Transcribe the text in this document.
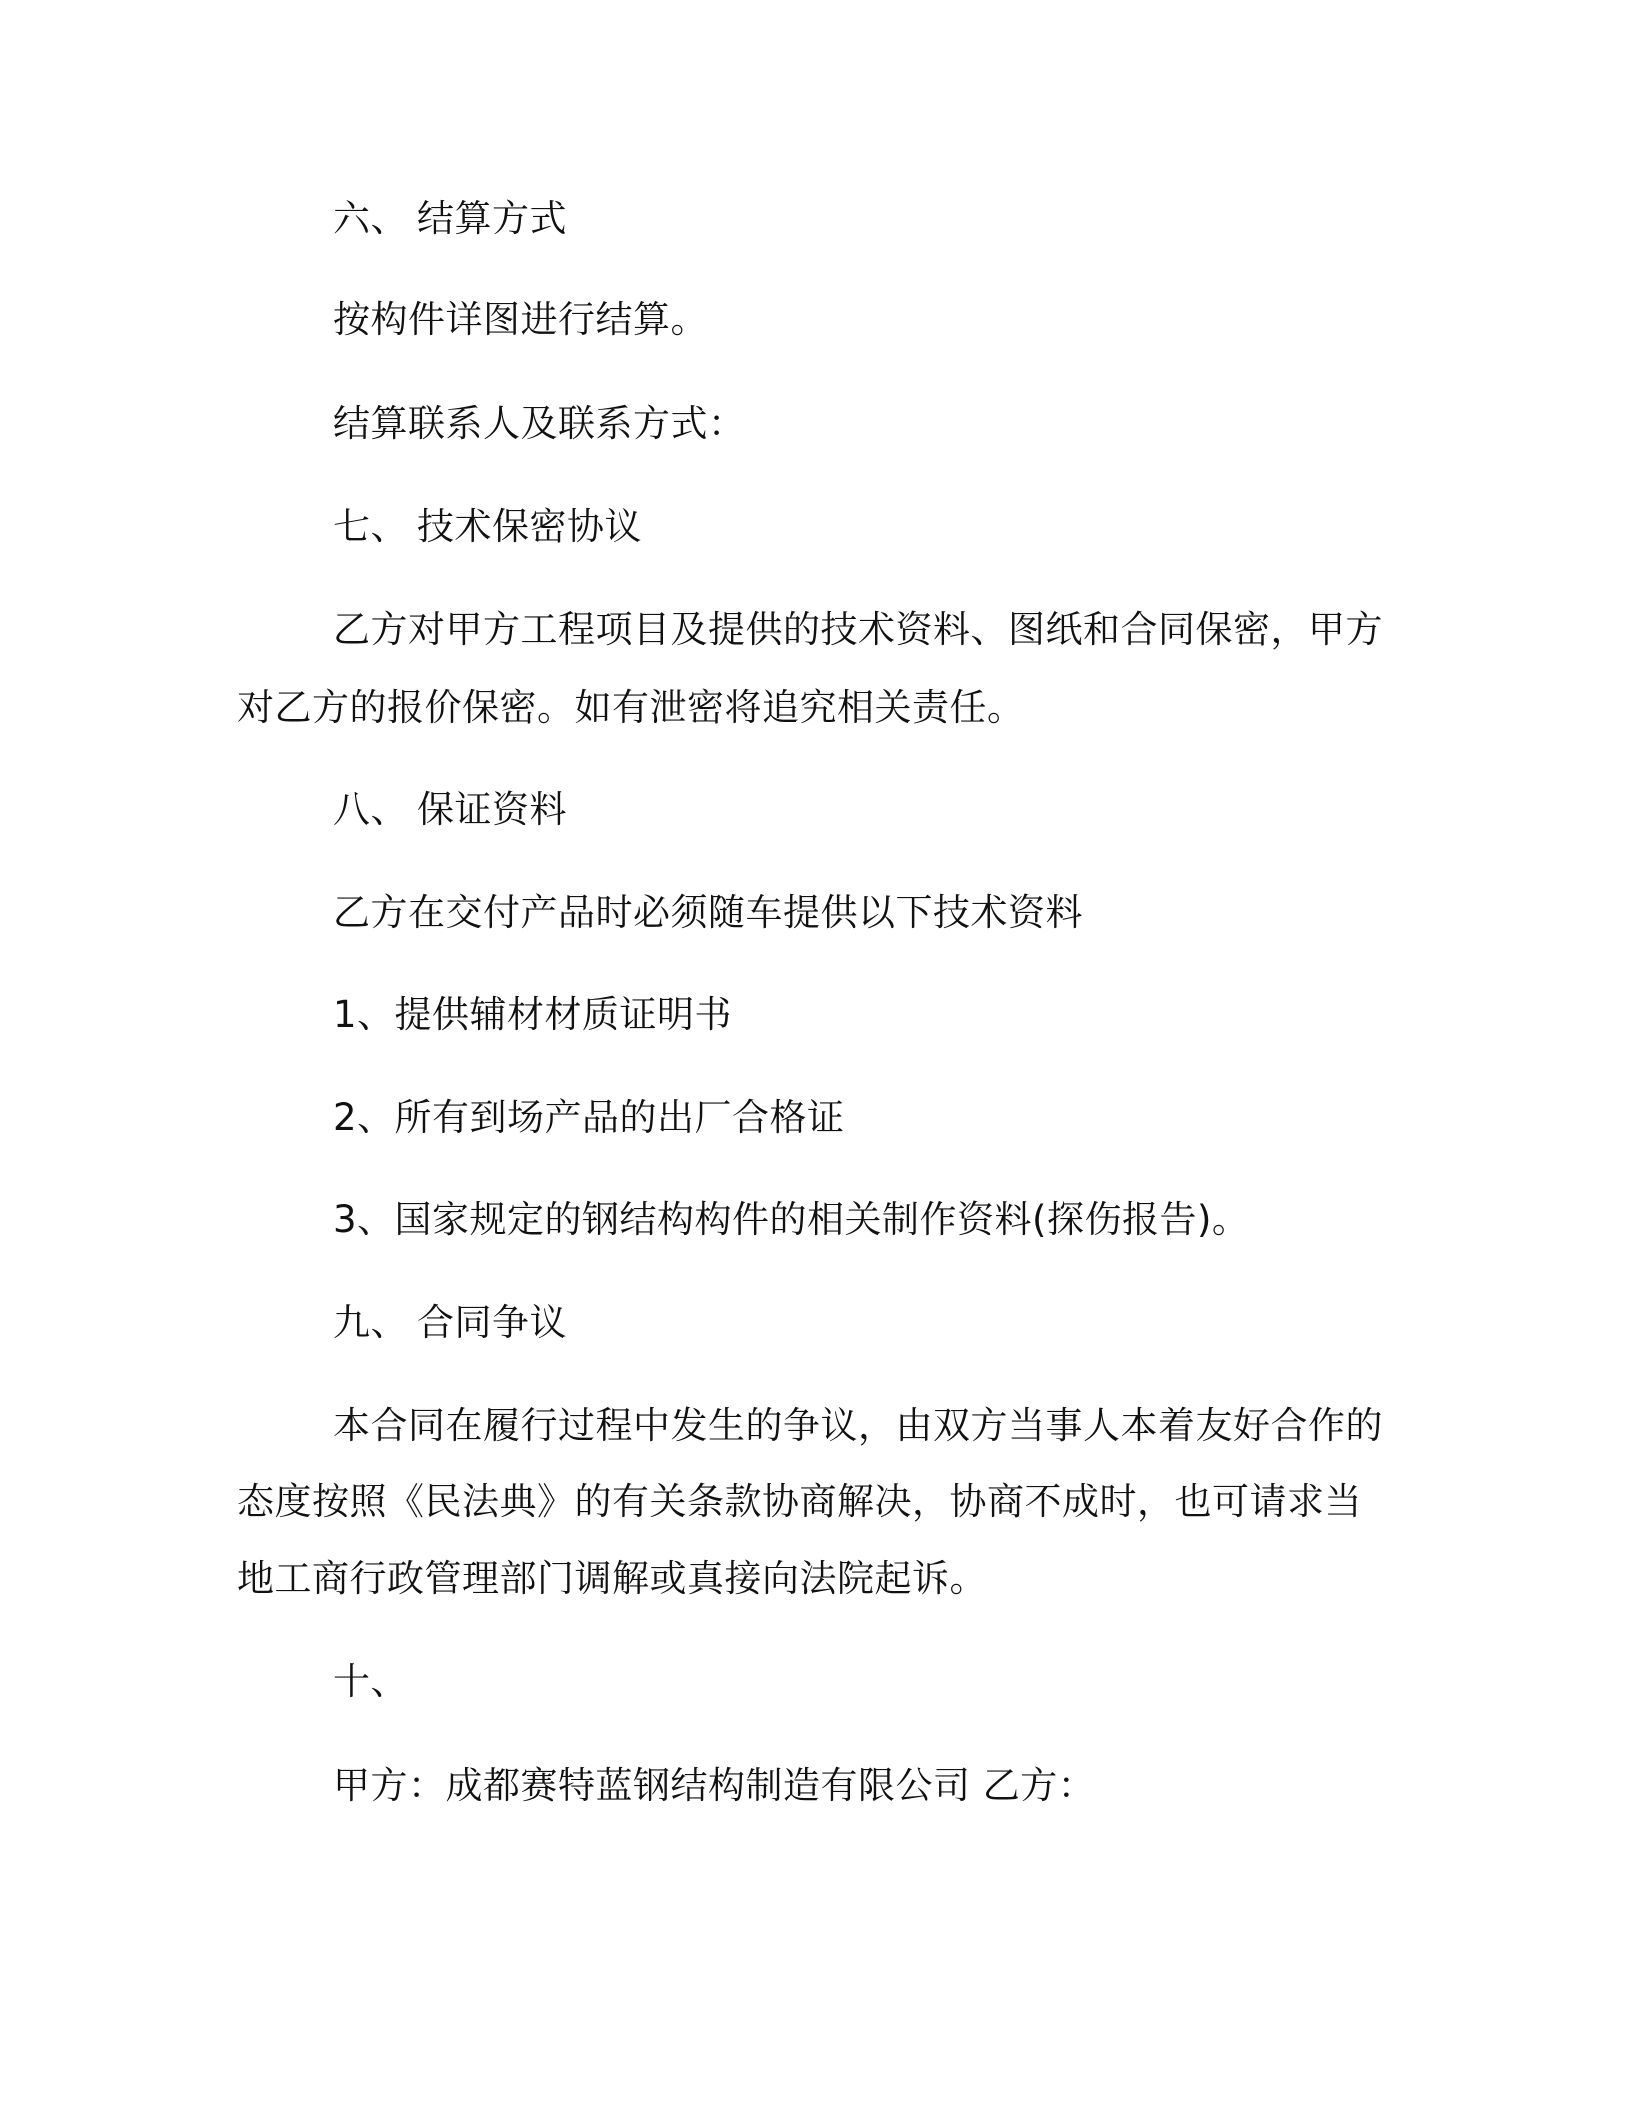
六、 结算方式
按构件详图进行结算。
结算联系人及联系方式：
七、 技术保密协议
乙方对甲方工程项目及提供的技术资料、图纸和合同保密，甲方
对乙方的报价保密。如有泄密将追究相关责任。
八、 保证资料
乙方在交付产品时必须随车提供以下技术资料
1、提供辅材材质证明书
2、所有到场产品的出厂合格证
3、国家规定的钢结构构件的相关制作资料(探伤报告)。
九、 合同争议
本合同在履行过程中发生的争议，由双方当事人本着友好合作的
态度按照《民法典》的有关条款协商解决，协商不成时，也可请求当
地工商行政管理部门调解或真接向法院起诉。
十、
甲方：成都赛特蓝钢结构制造有限公司 乙方：
